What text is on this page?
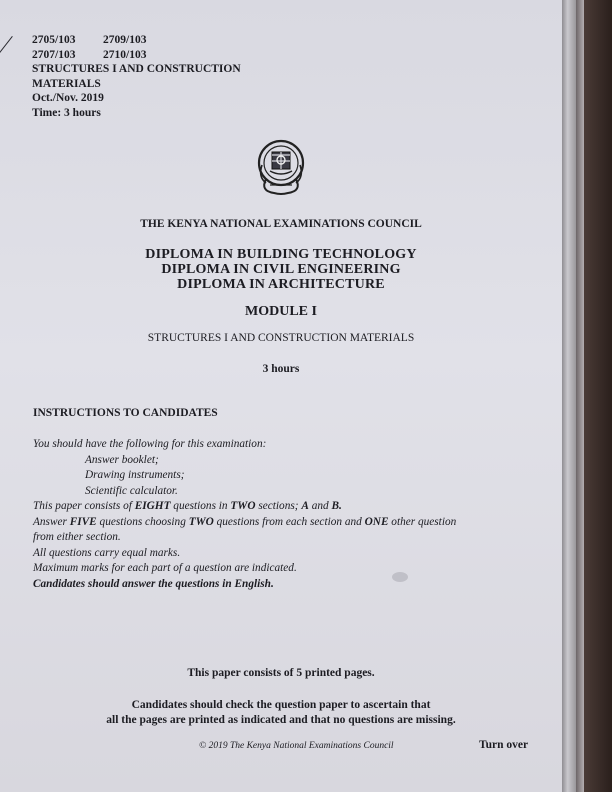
2705/103 2709/103
2707/103 2710/103
STRUCTURES I AND CONSTRUCTION
MATERIALS
Oct./Nov. 2019
Time: 3 hours
THE KENYA NATIONAL EXAMINATIONS COUNCIL
DIPLOMA IN BUILDING TECHNOLOGY
DIPLOMA IN CIVIL ENGINEERING
DIPLOMA IN ARCHITECTURE
MODULE I
STRUCTURES I AND CONSTRUCTION MATERIALS
3 hours
INSTRUCTIONS TO CANDIDATES
You should have the following for this examination:
Answer booklet;
Drawing instruments;
Scientific calculator.
This paper consists of EIGHT questions in TWO sections; A and B.
Answer FIVE questions choosing TWO questions from each section and ONE other question
from either section.
All questions carry equal marks.
Maximum marks for each part of a question are indicated.
Candidates should answer the questions in English.
This paper consists of 5 printed pages.
Candidates should check the question paper to ascertain that
all the pages are printed as indicated and that no questions are missing.
© 2019 The Kenya National Examinations Council	Turn over
